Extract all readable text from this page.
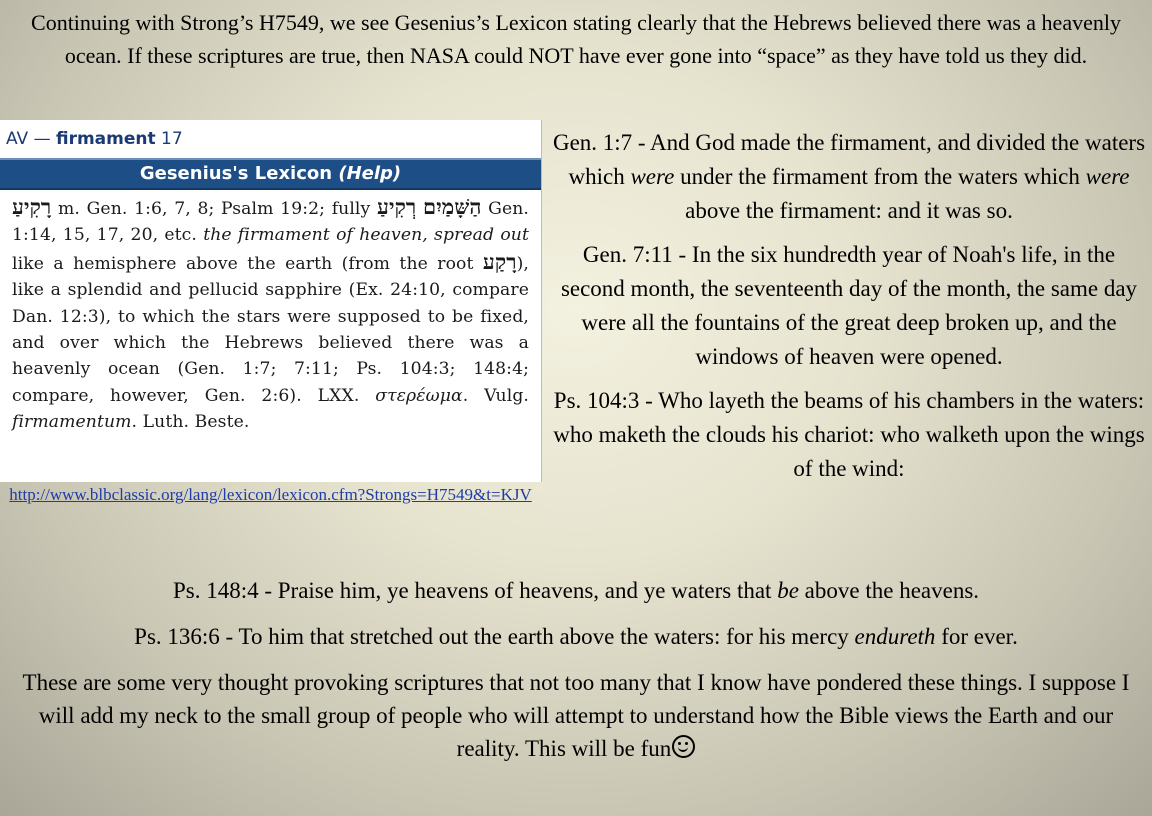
Continuing with Strong’s H7549, we see Gesenius’s Lexicon stating clearly that the Hebrews believed there was a heavenly ocean. If these scriptures are true, then NASA could NOT have ever gone into “space” as they have told us they did.
AV — firmament 17
Gesenius's Lexicon (Help)
רָקִיעַ m. Gen. 1:6, 7, 8; Psalm 19:2; fully רְקִיעַ הַשָּׁמַיִם Gen. 1:14, 15, 17, 20, etc. the firmament of heaven, spread out like a hemisphere above the earth (from the root רָקַע), like a splendid and pellucid sapphire (Ex. 24:10, compare Dan. 12:3), to which the stars were supposed to be fixed, and over which the Hebrews believed there was a heavenly ocean (Gen. 1:7; 7:11; Ps. 104:3; 148:4; compare, however, Gen. 2:6). LXX. στερέωμα. Vulg. firmamentum. Luth. Beste.
http://www.blbclassic.org/lang/lexicon/lexicon.cfm?Strongs=H7549&t=KJV

Gen. 1:7 - And God made the firmament, and divided the waters which were under the firmament from the waters which were above the firmament: and it was so.

Gen. 7:11 - In the six hundredth year of Noah's life, in the second month, the seventeenth day of the month, the same day were all the fountains of the great deep broken up, and the windows of heaven were opened.

Ps. 104:3 - Who layeth the beams of his chambers in the waters: who maketh the clouds his chariot: who walketh upon the wings of the wind:

Ps. 148:4 - Praise him, ye heavens of heavens, and ye waters that be above the heavens.

Ps. 136:6 - To him that stretched out the earth above the waters: for his mercy endureth for ever.

These are some very thought provoking scriptures that not too many that I know have pondered these things. I suppose I will add my neck to the small group of people who will attempt to understand how the Bible views the Earth and our reality. This will be fun
